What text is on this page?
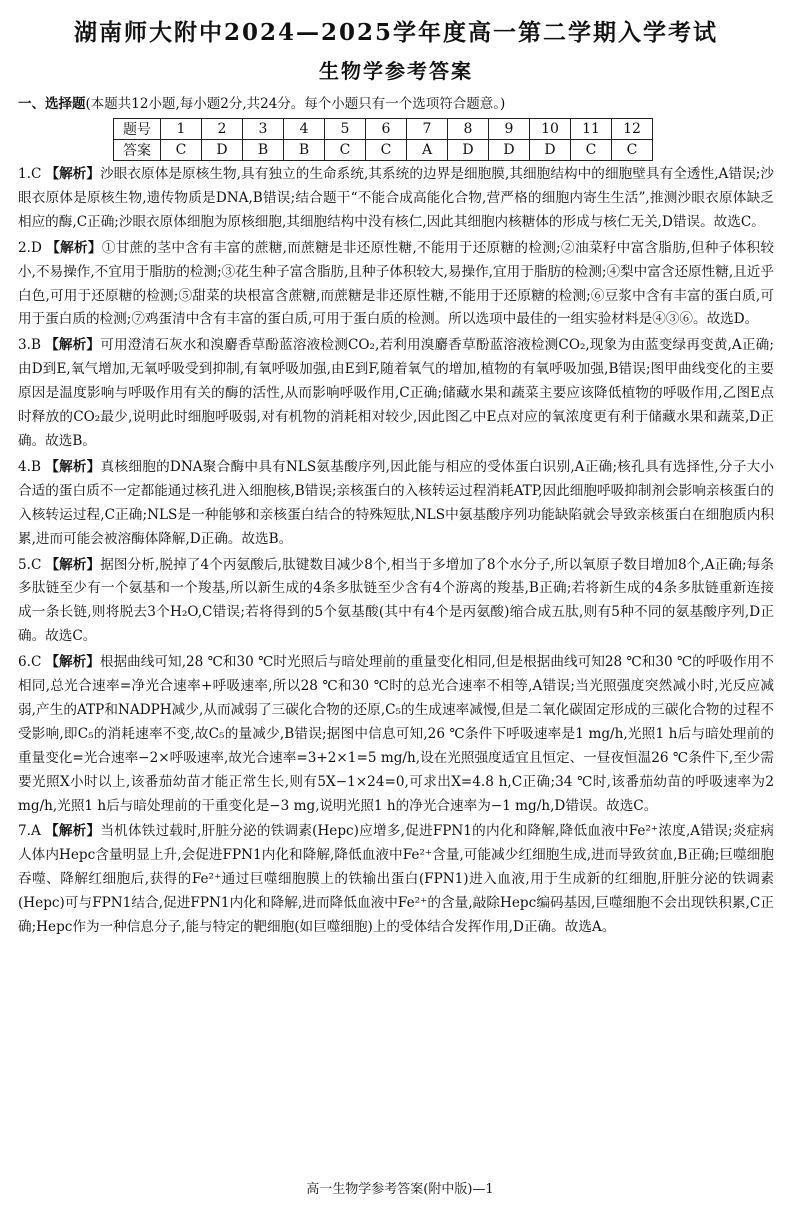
湖南师大附中2024—2025学年度高一第二学期入学考试
生物学参考答案
一、选择题(本题共12小题,每小题2分,共24分。每个小题只有一个选项符合题意。)
题号	1	2	3	4	5	6	7	8	9	10	11	12
答案	C	D	B	B	C	C	A	D	D	D	C	C
1.C 【解析】沙眼衣原体是原核生物,具有独立的生命系统,其系统的边界是细胞膜,其细胞结构中的细胞壁具有全透性,A错误;沙眼衣原体是原核生物,遗传物质是DNA,B错误;结合题干“不能合成高能化合物,营严格的细胞内寄生生活”,推测沙眼衣原体缺乏相应的酶,C正确;沙眼衣原体细胞为原核细胞,其细胞结构中没有核仁,因此其细胞内核糖体的形成与核仁无关,D错误。故选C。
2.D 【解析】①甘蔗的茎中含有丰富的蔗糖,而蔗糖是非还原性糖,不能用于还原糖的检测;②油菜籽中富含脂肪,但种子体积较小,不易操作,不宜用于脂肪的检测;③花生种子富含脂肪,且种子体积较大,易操作,宜用于脂肪的检测;④梨中富含还原性糖,且近乎白色,可用于还原糖的检测;⑤甜菜的块根富含蔗糖,而蔗糖是非还原性糖,不能用于还原糖的检测;⑥豆浆中含有丰富的蛋白质,可用于蛋白质的检测;⑦鸡蛋清中含有丰富的蛋白质,可用于蛋白质的检测。所以选项中最佳的一组实验材料是④③⑥。故选D。
3.B 【解析】可用澄清石灰水和溴麝香草酚蓝溶液检测CO₂,若利用溴麝香草酚蓝溶液检测CO₂,现象为由蓝变绿再变黄,A正确;由D到E,氧气增加,无氧呼吸受到抑制,有氧呼吸加强,由E到F,随着氧气的增加,植物的有氧呼吸加强,B错误;图甲曲线变化的主要原因是温度影响与呼吸作用有关的酶的活性,从而影响呼吸作用,C正确;储藏水果和蔬菜主要应该降低植物的呼吸作用,乙图E点时释放的CO₂最少,说明此时细胞呼吸弱,对有机物的消耗相对较少,因此图乙中E点对应的氧浓度更有利于储藏水果和蔬菜,D正确。故选B。
4.B 【解析】真核细胞的DNA聚合酶中具有NLS氨基酸序列,因此能与相应的受体蛋白识别,A正确;核孔具有选择性,分子大小合适的蛋白质不一定都能通过核孔进入细胞核,B错误;亲核蛋白的入核转运过程消耗ATP,因此细胞呼吸抑制剂会影响亲核蛋白的入核转运过程,C正确;NLS是一种能够和亲核蛋白结合的特殊短肽,NLS中氨基酸序列功能缺陷就会导致亲核蛋白在细胞质内积累,进而可能会被溶酶体降解,D正确。故选B。
5.C 【解析】据图分析,脱掉了4个丙氨酸后,肽键数目减少8个,相当于多增加了8个水分子,所以氧原子数目增加8个,A正确;每条多肽链至少有一个氨基和一个羧基,所以新生成的4条多肽链至少含有4个游离的羧基,B正确;若将新生成的4条多肽链重新连接成一条长链,则将脱去3个H₂O,C错误;若将得到的5个氨基酸(其中有4个是丙氨酸)缩合成五肽,则有5种不同的氨基酸序列,D正确。故选C。
6.C 【解析】根据曲线可知,28 ℃和30 ℃时光照后与暗处理前的重量变化相同,但是根据曲线可知28 ℃和30 ℃的呼吸作用不相同,总光合速率=净光合速率+呼吸速率,所以28 ℃和30 ℃时的总光合速率不相等,A错误;当光照强度突然减小时,光反应减弱,产生的ATP和NADPH减少,从而减弱了三碳化合物的还原,C₅的生成速率减慢,但是二氧化碳固定形成的三碳化合物的过程不受影响,即C₅的消耗速率不变,故C₅的量减少,B错误;据图中信息可知,26 ℃条件下呼吸速率是1 mg/h,光照1 h后与暗处理前的重量变化=光合速率−2×呼吸速率,故光合速率=3+2×1=5 mg/h,设在光照强度适宜且恒定、一昼夜恒温26 ℃条件下,至少需要光照X小时以上,该番茄幼苗才能正常生长,则有5X−1×24=0,可求出X=4.8 h,C正确;34 ℃时,该番茄幼苗的呼吸速率为2 mg/h,光照1 h后与暗处理前的干重变化是−3 mg,说明光照1 h的净光合速率为−1 mg/h,D错误。故选C。
7.A 【解析】当机体铁过载时,肝脏分泌的铁调素(Hepc)应增多,促进FPN1的内化和降解,降低血液中Fe²⁺浓度,A错误;炎症病人体内Hepc含量明显上升,会促进FPN1内化和降解,降低血液中Fe²⁺含量,可能减少红细胞生成,进而导致贫血,B正确;巨噬细胞吞噬、降解红细胞后,获得的Fe²⁺通过巨噬细胞膜上的铁输出蛋白(FPN1)进入血液,用于生成新的红细胞,肝脏分泌的铁调素(Hepc)可与FPN1结合,促进FPN1内化和降解,进而降低血液中Fe²⁺的含量,敲除Hepc编码基因,巨噬细胞不会出现铁积累,C正确;Hepc作为一种信息分子,能与特定的靶细胞(如巨噬细胞)上的受体结合发挥作用,D正确。故选A。
高一生物学参考答案(附中版)—1
